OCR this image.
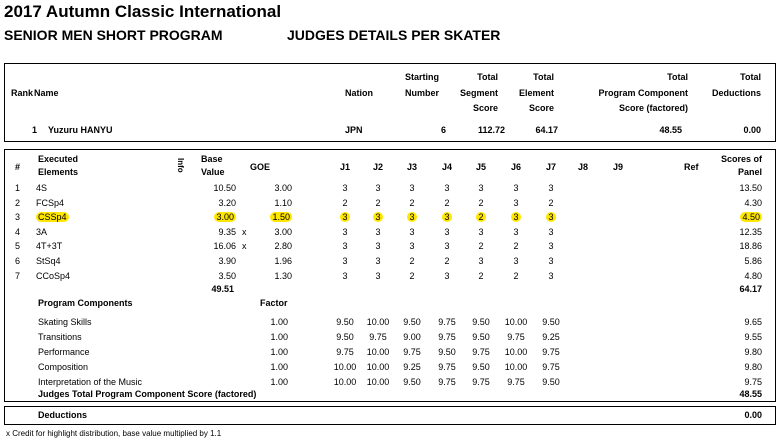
2017 Autumn Classic International
SENIOR MEN SHORT PROGRAM	JUDGES DETAILS PER SKATER
Rank Name	Nation
Starting
Number
Total
Segment
Score
Total
Element
Score
Total
Program Component
Score (factored)
Total
Deductions
1 Yuzuru HANYU	JPN	6	112.72	64.17	48.55	0.00
#
Executed
Elements	Info Base
Value	GOE	J1	J2	J3	J4	J5	J6	J7	J8	J9	Ref
Scores of
Panel
1 4S	10.50	3.00	3	3	3	3	3	3	3	13.50
2 FCSp4	3.20	1.10	2	2	2	2	2	3	2	4.30
3 CSSp4	3.00	1.50	3	3	3	3	2	3	3	4.50
4 3A	9.35 x	3.00	3	3	3	3	3	3	3	12.35
5 4T+3T	16.06 x	2.80	3	3	3	3	2	2	3	18.86
6 StSq4	3.90	1.96	3	3	2	2	3	3	3	5.86
7 CCoSp4	3.50	1.30	3	3	2	3	2	2	3	4.80
49.51	64.17
Program Components	Factor
Skating Skills	1.00	9.50	10.00	9.50	9.75	9.50	10.00	9.50	9.65
Transitions	1.00	9.50	9.75	9.00	9.75	9.50	9.75	9.25	9.55
Performance	1.00	9.75	10.00	9.75	9.50	9.75	10.00	9.75	9.80
Composition	1.00	10.00	10.00	9.25	9.75	9.50	10.00	9.75	9.80
Interpretation of the Music	1.00	10.00	10.00	9.50	9.75	9.75	9.75	9.50	9.75
Judges Total Program Component Score (factored)	48.55
Deductions	0.00
x Credit for highlight distribution, base value multiplied by 1.1
